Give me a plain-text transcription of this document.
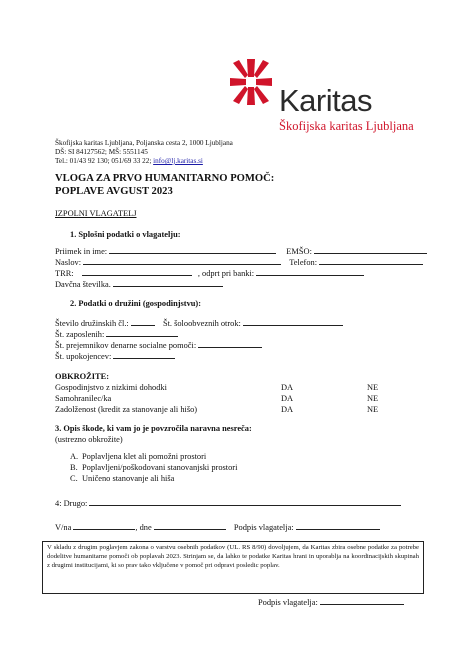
Karitas
Škofijska karitas Ljubljana
Škofijska karitas Ljubljana, Poljanska cesta 2, 1000 Ljubljana
DŠ: SI 84127562; MŠ: 5551145
Tel.: 01/43 92 130; 051/69 33 22; info@lj.karitas.si
VLOGA ZA PRVO HUMANITARNO POMOČ:
POPLAVE AVGUST 2023
IZPOLNI VLAGATELJ
1. Splošni podatki o vlagatelju:
Priimek in ime:	EMŠO:
Naslov:	Telefon:
TRR:	, odprt pri banki:
Davčna številka.
2. Podatki o družini (gospodinjstvu):
Število družinskih čl.:	Št. šoloobveznih otrok:
Št. zaposlenih:
Št. prejemnikov denarne socialne pomoči:
Št. upokojencev:
OBKROŽITE:
Gospodinjstvo z nizkimi dohodki	DA	NE
Samohranilec/ka	DA	NE
Zadolženost (kredit za stanovanje ali hišo)	DA	NE
3. Opis škode, ki vam jo je povzročila naravna nesreča:
(ustrezno obkrožite)
A. Poplavljena klet ali pomožni prostori
B. Poplavljeni/poškodovani stanovanjski prostori
C. Uničeno stanovanje ali hiša
4: Drugo:
V/na	, dne	Podpis vlagatelja:
V skladu z drugim poglavjem zakona o varstvu osebnih podatkov (UL. RS 8/90) dovoljujem, da Karitas zbira osebne podatke za potrebe dodelitve humanitarne pomoči ob poplavah 2023. Strinjam se, da lahko te podatke Karitas hrani in uporablja na koordinacijskih skupinah z drugimi institucijami, ki so prav tako vključene v pomoč pri odpravi posledic poplav.
Podpis vlagatelja:
